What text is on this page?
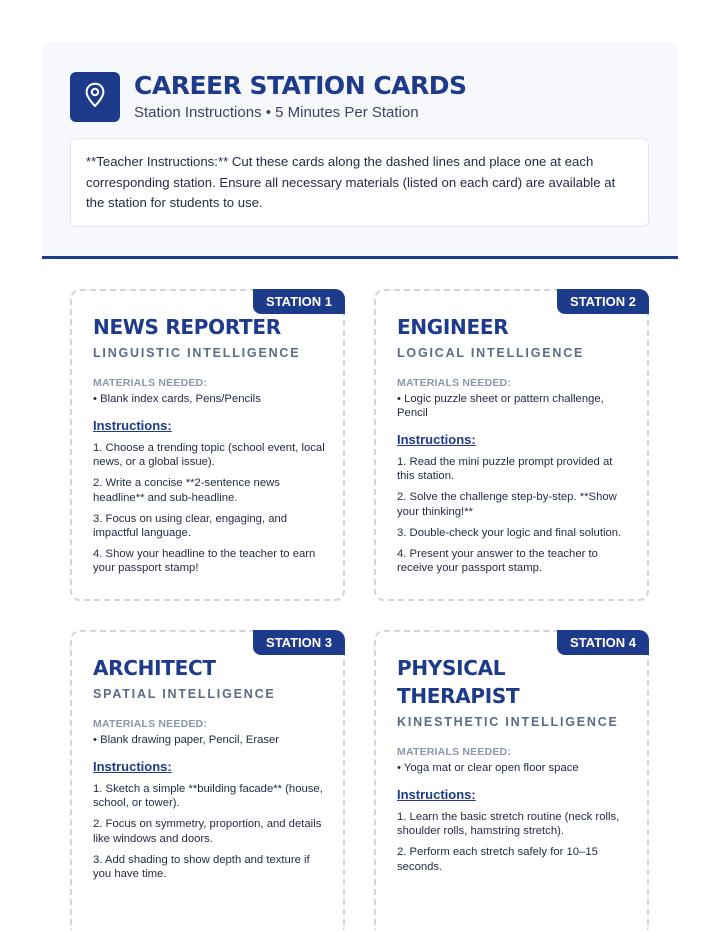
CAREER STATION CARDS
Station Instructions • 5 Minutes Per Station
**Teacher Instructions:** Cut these cards along the dashed lines and place one at each corresponding station. Ensure all necessary materials (listed on each card) are available at the station for students to use.
STATION 1
NEWS REPORTER
LINGUISTIC INTELLIGENCE
MATERIALS NEEDED:
• Blank index cards, Pens/Pencils
Instructions:
1. Choose a trending topic (school event, local news, or a global issue).
2. Write a concise **2-sentence news headline** and sub-headline.
3. Focus on using clear, engaging, and impactful language.
4. Show your headline to the teacher to earn your passport stamp!
STATION 2
ENGINEER
LOGICAL INTELLIGENCE
MATERIALS NEEDED:
• Logic puzzle sheet or pattern challenge, Pencil
Instructions:
1. Read the mini puzzle prompt provided at this station.
2. Solve the challenge step-by-step. **Show your thinking!**
3. Double-check your logic and final solution.
4. Present your answer to the teacher to receive your passport stamp.
STATION 3
ARCHITECT
SPATIAL INTELLIGENCE
MATERIALS NEEDED:
• Blank drawing paper, Pencil, Eraser
Instructions:
1. Sketch a simple **building facade** (house, school, or tower).
2. Focus on symmetry, proportion, and details like windows and doors.
3. Add shading to show depth and texture if you have time.
STATION 4
PHYSICAL THERAPIST
KINESTHETIC INTELLIGENCE
MATERIALS NEEDED:
• Yoga mat or clear open floor space
Instructions:
1. Learn the basic stretch routine (neck rolls, shoulder rolls, hamstring stretch).
2. Perform each stretch safely for 10–15 seconds.
